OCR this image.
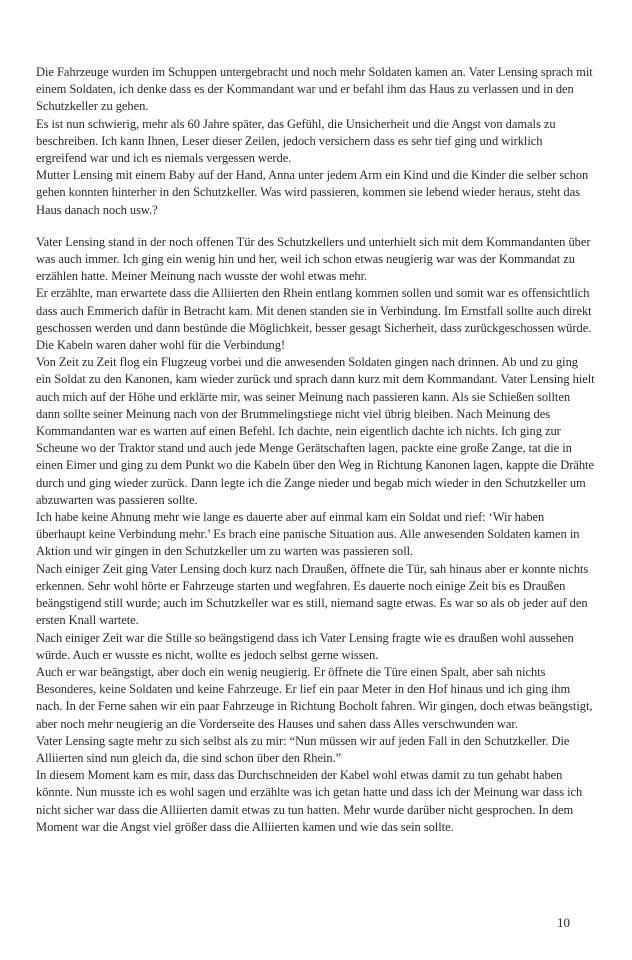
Die Fahrzeuge wurden im Schuppen untergebracht und noch mehr Soldaten kamen an. Vater Lensing sprach mit einem Soldaten, ich denke dass es der Kommandant war und er befahl ihm das Haus zu verlassen und in den Schutzkeller zu gehen.

Es ist nun schwierig, mehr als 60 Jahre später, das Gefühl, die Unsicherheit und die Angst von damals zu beschreiben. Ich kann Ihnen, Leser dieser Zeilen, jedoch versichern dass es sehr tief ging und wirklich ergreifend war und ich es niemals vergessen werde.

Mutter Lensing mit einem Baby auf der Hand, Anna unter jedem Arm ein Kind und die Kinder die selber schon gehen konnten hinterher in den Schutzkeller. Was wird passieren, kommen sie lebend wieder heraus, steht das Haus danach noch usw.?

Vater Lensing stand in der noch offenen Tür des Schutzkellers und unterhielt sich mit dem Kommandanten über was auch immer. Ich ging ein wenig hin und her, weil ich schon etwas neugierig war was der Kommandat zu erzählen hatte. Meiner Meinung nach wusste der wohl etwas mehr.

Er erzählte, man erwartete dass die Alliierten den Rhein entlang kommen sollen und somit war es offensichtlich dass auch Emmerich dafür in Betracht kam. Mit denen standen sie in Verbindung. Im Ernstfall sollte auch direkt geschossen werden und dann bestünde die Möglichkeit, besser gesagt Sicherheit, dass zurückgeschossen würde. Die Kabeln waren daher wohl für die Verbindung!

Von Zeit zu Zeit flog ein Flugzeug vorbei und die anwesenden Soldaten gingen nach drinnen. Ab und zu ging ein Soldat zu den Kanonen, kam wieder zurück und sprach dann kurz mit dem Kommandant. Vater Lensing hielt auch mich auf der Höhe und erklärte mir, was seiner Meinung nach passieren kann. Als sie Schießen sollten dann sollte seiner Meinung nach von der Brummelingstiege nicht viel übrig bleiben. Nach Meinung des Kommandanten war es warten auf einen Befehl. Ich dachte, nein eigentlich dachte ich nichts. Ich ging zur Scheune wo der Traktor stand und auch jede Menge Gerätschaften lagen, packte eine große Zange, tat die in einen Eimer und ging zu dem Punkt wo die Kabeln über den Weg in Richtung Kanonen lagen, kappte die Drähte durch und ging wieder zurück. Dann legte ich die Zange nieder und begab mich wieder in den Schutzkeller um abzuwarten was passieren sollte.

Ich habe keine Ahnung mehr wie lange es dauerte aber auf einmal kam ein Soldat und rief: ‘Wir haben überhaupt keine Verbindung mehr.’ Es brach eine panische Situation aus. Alle anwesenden Soldaten kamen in Aktion und wir gingen in den Schutzkeller um zu warten was passieren soll.

Nach einiger Zeit ging Vater Lensing doch kurz nach Draußen, öffnete die Tür, sah hinaus aber er konnte nichts erkennen. Sehr wohl hörte er Fahrzeuge starten und wegfahren. Es dauerte noch einige Zeit bis es Draußen beängstigend still wurde; auch im Schutzkeller war es still, niemand sagte etwas. Es war so als ob jeder auf den ersten Knall wartete.

Nach einiger Zeit war die Stille so beängstigend dass ich Vater Lensing fragte wie es draußen wohl aussehen würde. Auch er wusste es nicht, wollte es jedoch selbst gerne wissen.

Auch er war beängstigt, aber doch ein wenig neugierig. Er öffnete die Türe einen Spalt, aber sah nichts Besonderes, keine Soldaten und keine Fahrzeuge. Er lief ein paar Meter in den Hof hinaus und ich ging ihm nach. In der Ferne sahen wir ein paar Fahrzeuge in Richtung Bocholt fahren. Wir gingen, doch etwas beängstigt, aber noch mehr neugierig an die Vorderseite des Hauses und sahen dass Alles verschwunden war.

Vater Lensing sagte mehr zu sich selbst als zu mir: “Nun müssen wir auf jeden Fall in den Schutzkeller. Die Alliierten sind nun gleich da, die sind schon über den Rhein.”

In diesem Moment kam es mir, dass das Durchschneiden der Kabel wohl etwas damit zu tun gehabt haben könnte. Nun musste ich es wohl sagen und erzählte was ich getan hatte und dass ich der Meinung war dass ich nicht sicher war dass die Alliierten damit etwas zu tun hatten. Mehr wurde darüber nicht gesprochen. In dem Moment war die Angst viel größer dass die Alliierten kamen und wie das sein sollte.

10
